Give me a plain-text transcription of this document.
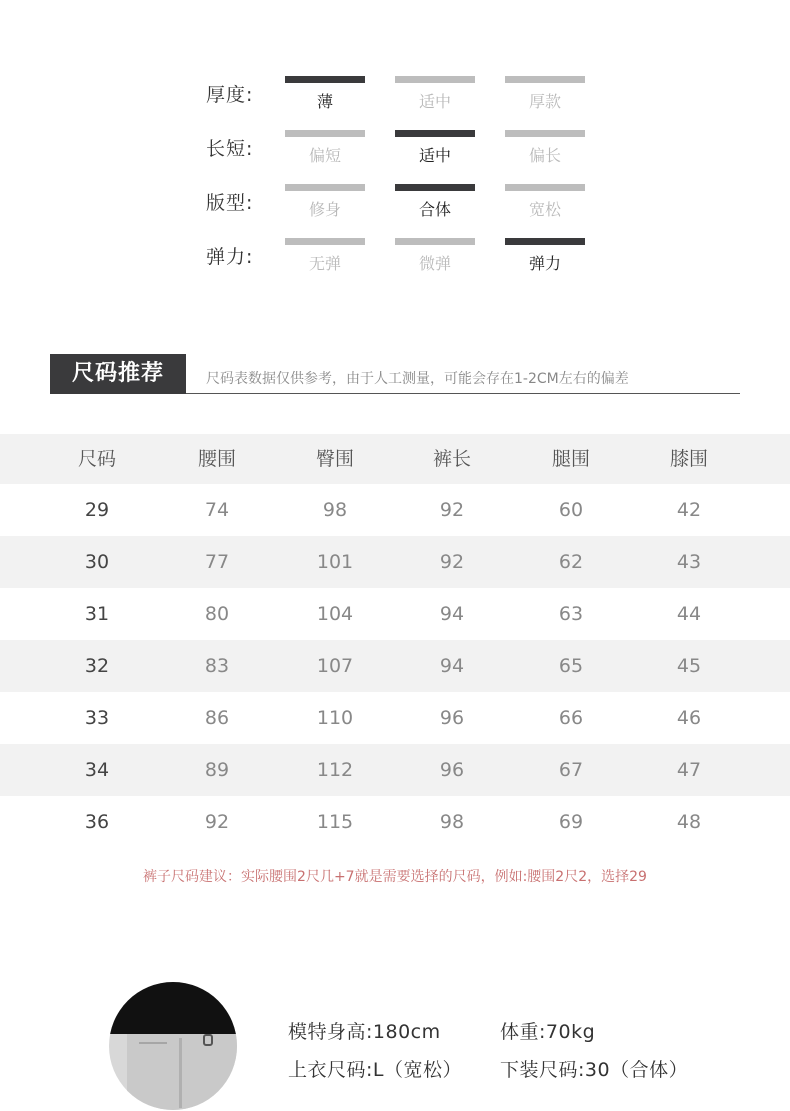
厚度:	薄	适中	厚款
长短:	偏短	适中	偏长
版型:	修身	合体	宽松
弹力:	无弹	微弹	弹力
尺码推荐	尺码表数据仅供参考，由于人工测量，可能会存在1-2CM左右的偏差
尺码	腰围	臀围	裤长	腿围	膝围
29	74	98	92	60	42
30	77	101	92	62	43
31	80	104	94	63	44
32	83	107	94	65	45
33	86	110	96	66	46
34	89	112	96	67	47
36	92	115	98	69	48
裤子尺码建议：实际腰围2尺几+7就是需要选择的尺码，例如:腰围2尺2，选择29
模特身高:180cm	体重:70kg
上衣尺码:L（宽松） 下装尺码:30（合体）
